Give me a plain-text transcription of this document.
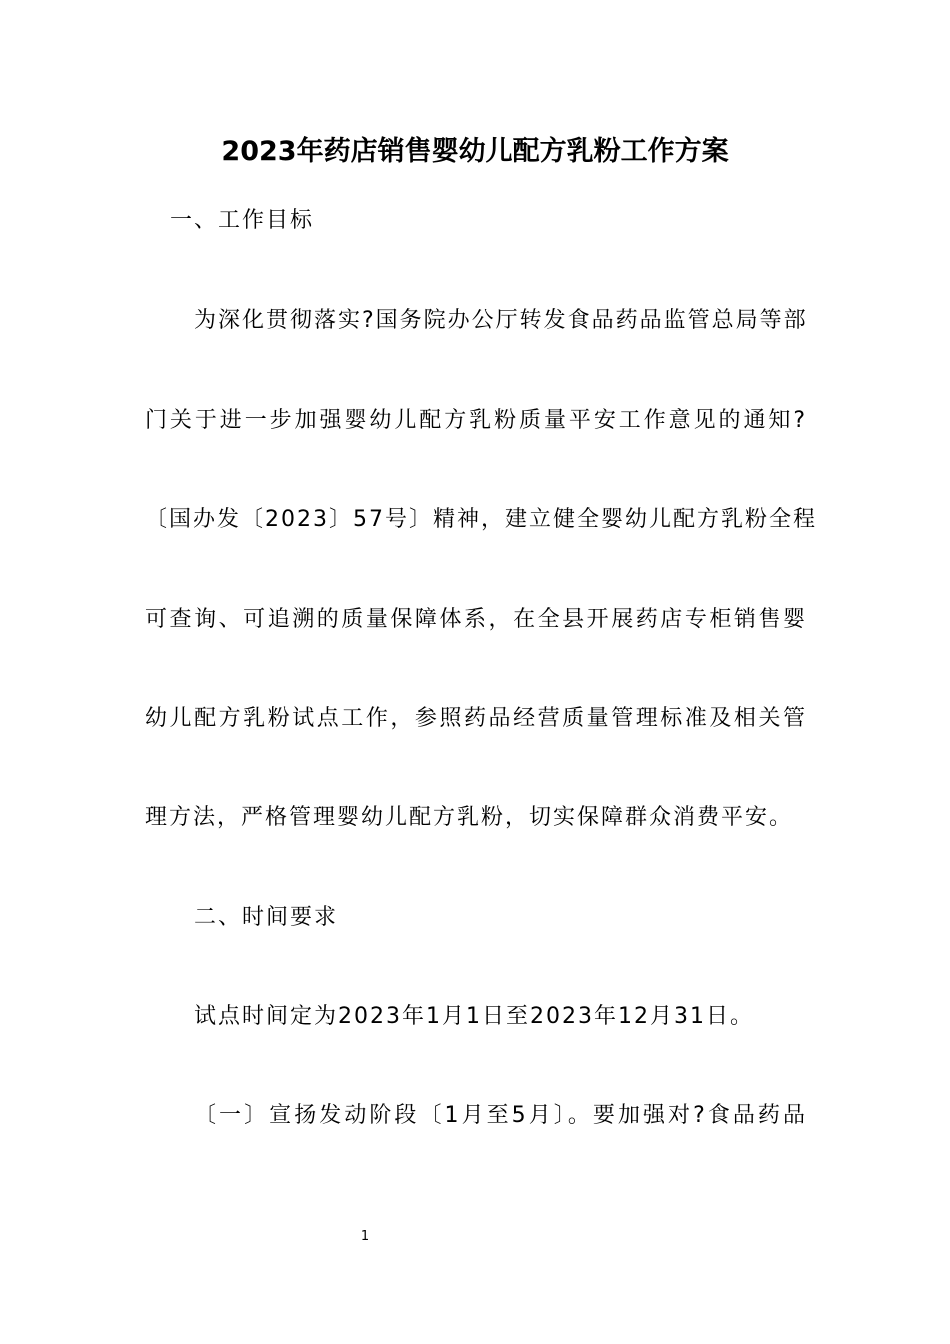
2023年药店销售婴幼儿配方乳粉工作方案
一、工作目标
为深化贯彻落实?国务院办公厅转发食品药品监管总局等部
门关于进一步加强婴幼儿配方乳粉质量平安工作意见的通知?
〔国办发〔2023〕57号〕精神，建立健全婴幼儿配方乳粉全程
可查询、可追溯的质量保障体系，在全县开展药店专柜销售婴
幼儿配方乳粉试点工作，参照药品经营质量管理标准及相关管
理方法，严格管理婴幼儿配方乳粉，切实保障群众消费平安。
二、时间要求
试点时间定为2023年1月1日至2023年12月31日。
〔一〕宣扬发动阶段〔1月至5月〕。要加强对?食品药品
1
